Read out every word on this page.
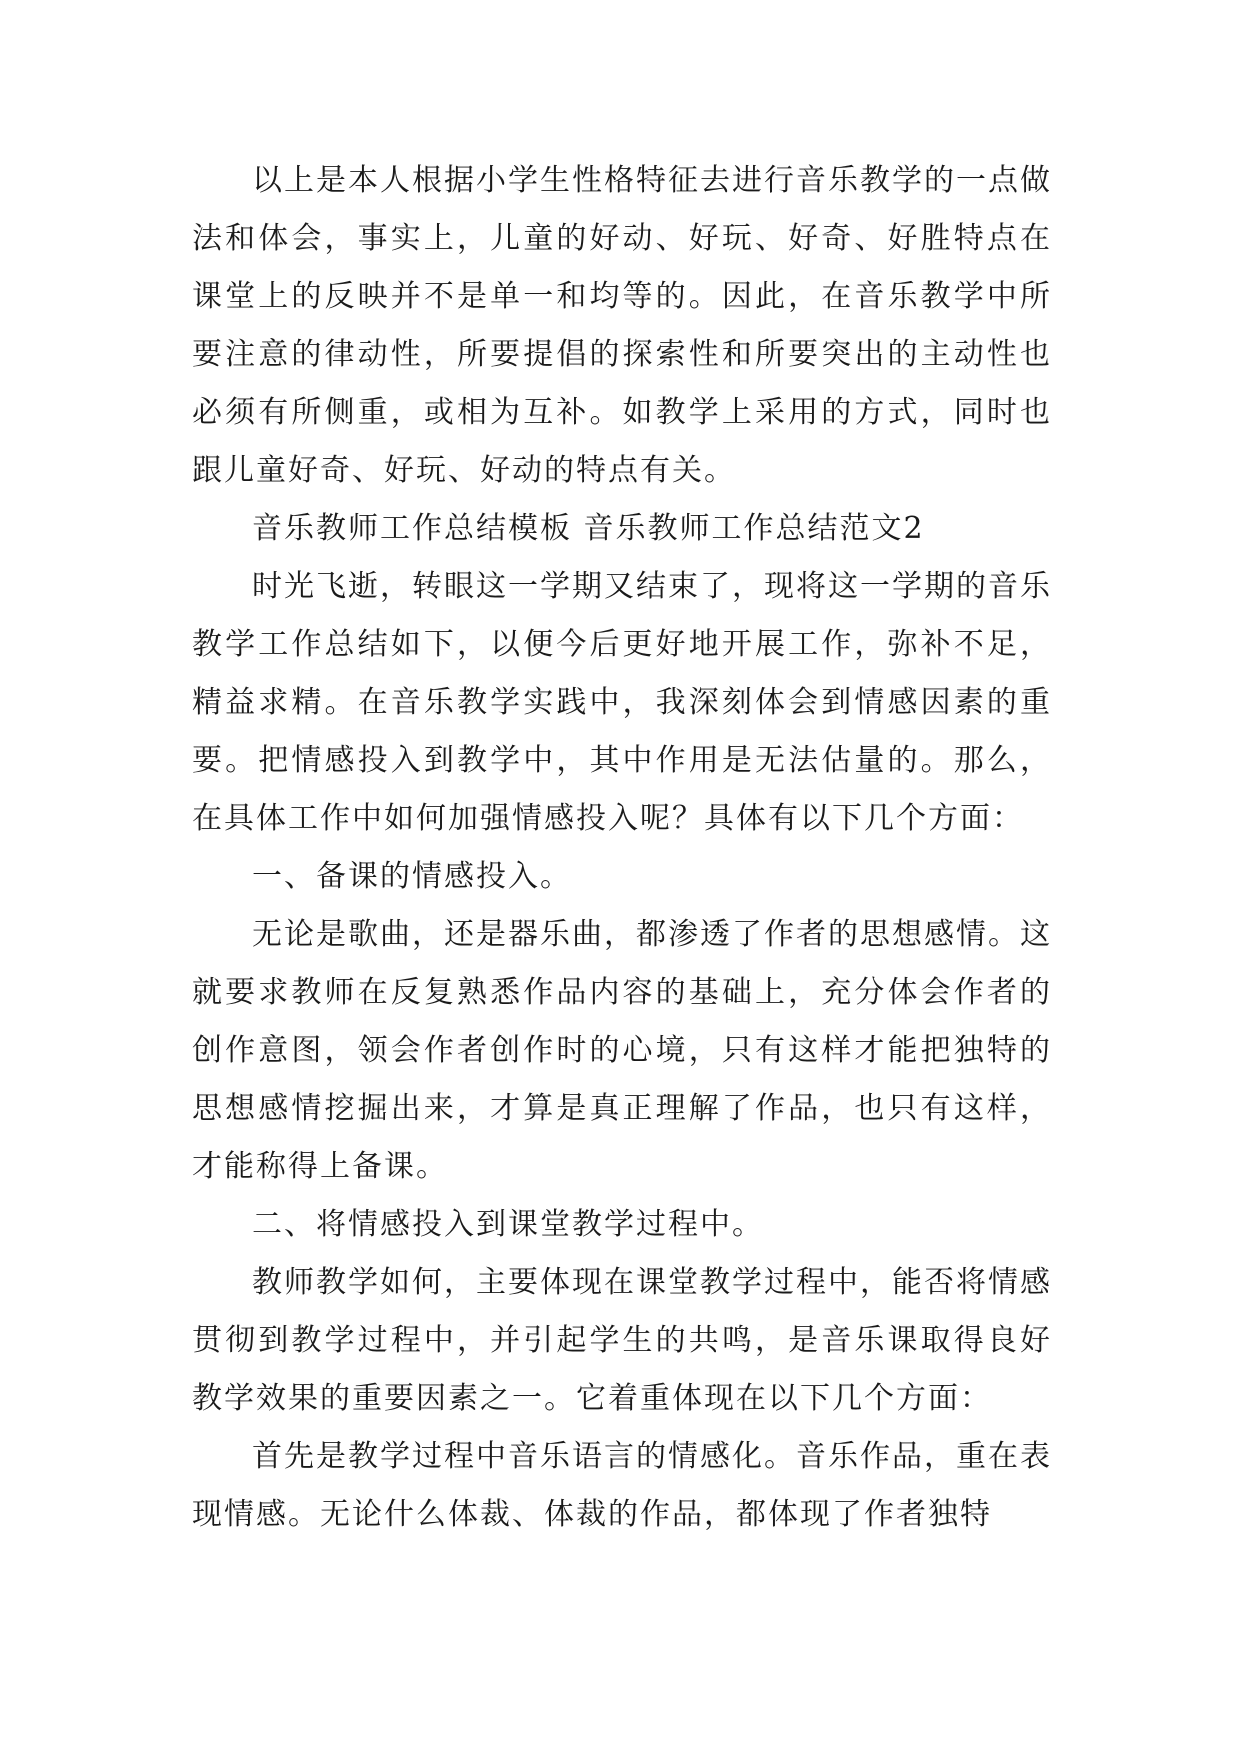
以上是本人根据小学生性格特征去进行音乐教学的一点做法和体会，事实上，儿童的好动、好玩、好奇、好胜特点在课堂上的反映并不是单一和均等的。因此，在音乐教学中所要注意的律动性，所要提倡的探索性和所要突出的主动性也必须有所侧重，或相为互补。如教学上采用的方式，同时也跟儿童好奇、好玩、好动的特点有关。

音乐教师工作总结模板 音乐教师工作总结范文2

时光飞逝，转眼这一学期又结束了，现将这一学期的音乐教学工作总结如下，以便今后更好地开展工作，弥补不足，精益求精。在音乐教学实践中，我深刻体会到情感因素的重要。把情感投入到教学中，其中作用是无法估量的。那么，在具体工作中如何加强情感投入呢？具体有以下几个方面：

一、备课的情感投入。

无论是歌曲，还是器乐曲，都渗透了作者的思想感情。这就要求教师在反复熟悉作品内容的基础上，充分体会作者的创作意图，领会作者创作时的心境，只有这样才能把独特的思想感情挖掘出来，才算是真正理解了作品，也只有这样，才能称得上备课。

二、将情感投入到课堂教学过程中。

教师教学如何，主要体现在课堂教学过程中，能否将情感贯彻到教学过程中，并引起学生的共鸣，是音乐课取得良好教学效果的重要因素之一。它着重体现在以下几个方面：

首先是教学过程中音乐语言的情感化。音乐作品，重在表现情感。无论什么体裁、体裁的作品，都体现了作者独特
